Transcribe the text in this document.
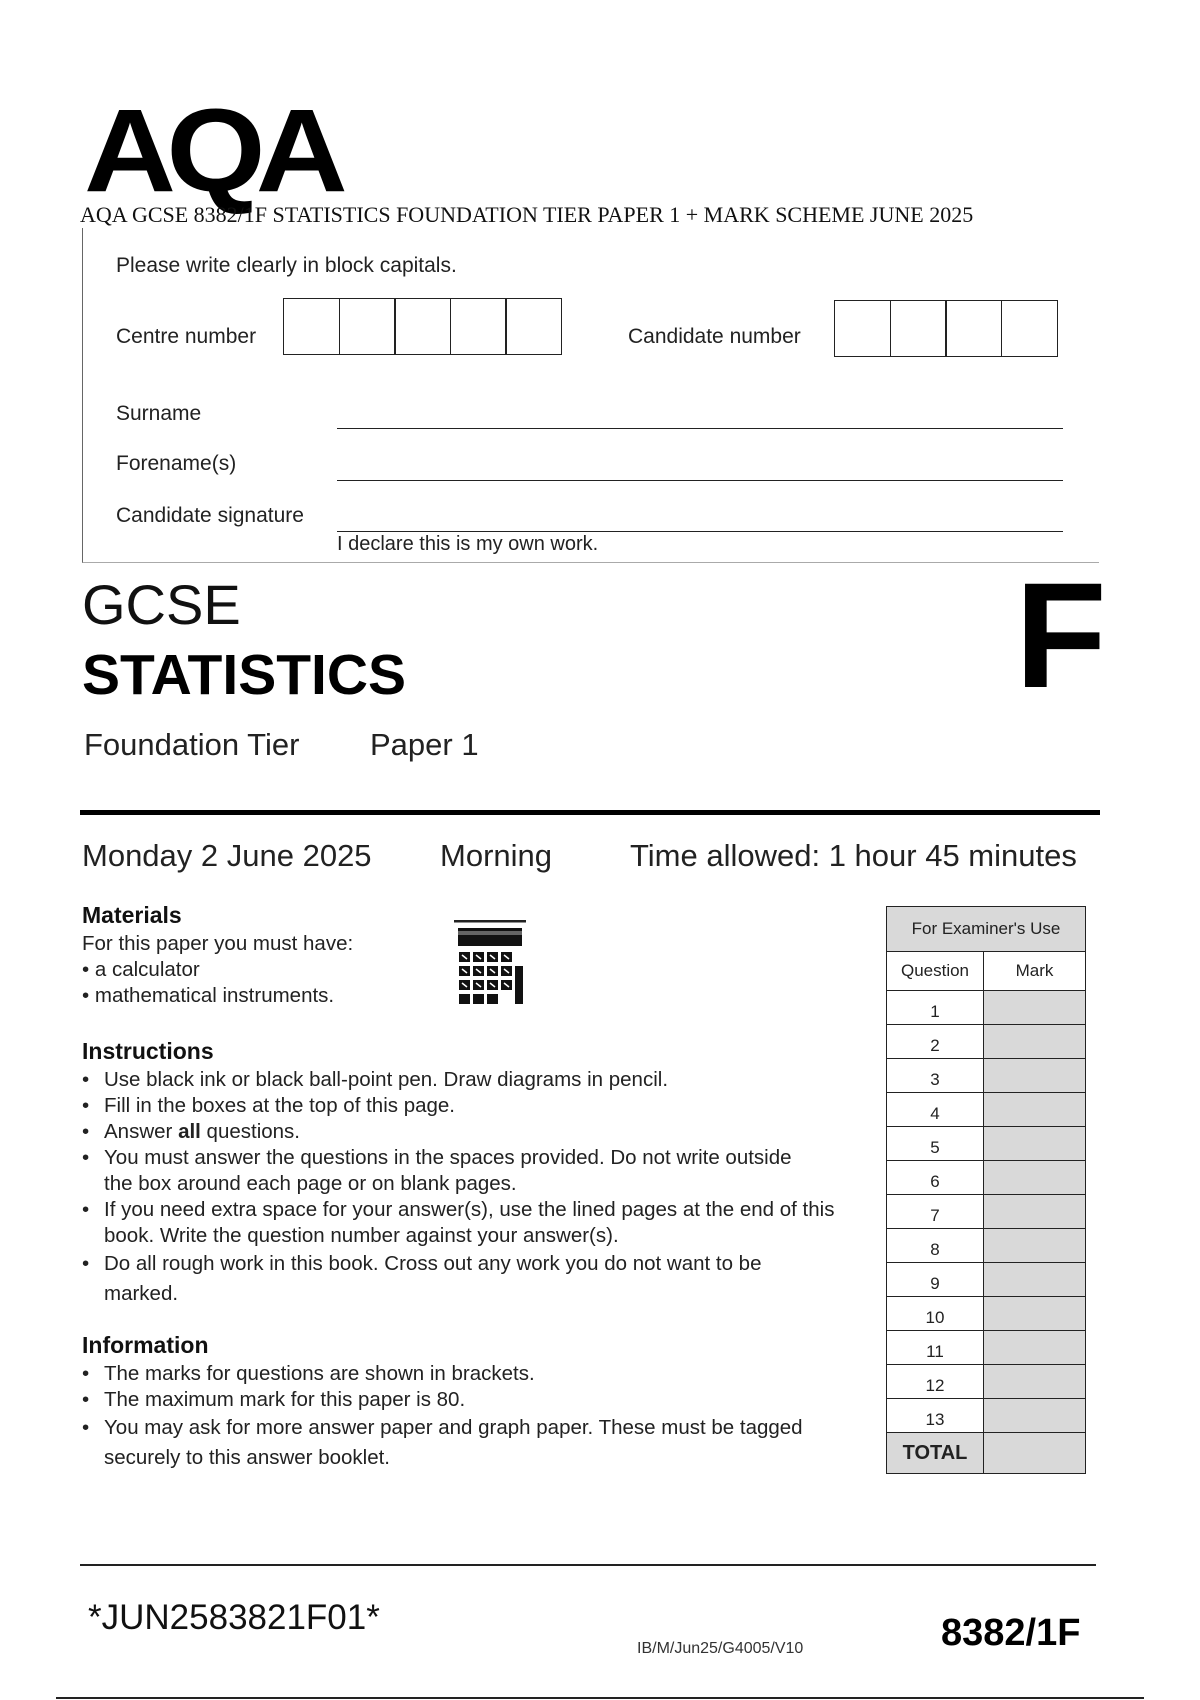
AQA
AQA GCSE 8382/1F STATISTICS FOUNDATION TIER PAPER 1 + MARK SCHEME JUNE 2025
Please write clearly in block capitals.
Centre number	Candidate number
Surname
Forename(s)
Candidate signature
I declare this is my own work.
GCSE
STATISTICS
Foundation Tier Paper 1
F
Monday 2 June 2025 Morning	Time allowed: 1 hour 45 minutes
Materials
For this paper you must have:
• a calculator
• mathematical instruments.
Instructions
• Use black ink or black ball-point pen. Draw diagrams in pencil.
• Fill in the boxes at the top of this page.
• Answer all questions.
• You must answer the questions in the spaces provided. Do not write outside the box around each page or on blank pages.
• If you need extra space for your answer(s), use the lined pages at the end of this book. Write the question number against your answer(s).
• Do all rough work in this book. Cross out any work you do not want to be marked.
Information
• The marks for questions are shown in brackets.
• The maximum mark for this paper is 80.
• You may ask for more answer paper and graph paper. These must be tagged securely to this answer booklet.
For Examiner's Use	
Question	Mark
1	
2	
3	
4	
5	
6	
7	
8	
9	
10	
11	
12	
13	
TOTAL	
*JUN2583821F01*
IB/M/Jun25/G4005/V10	8382/1F
